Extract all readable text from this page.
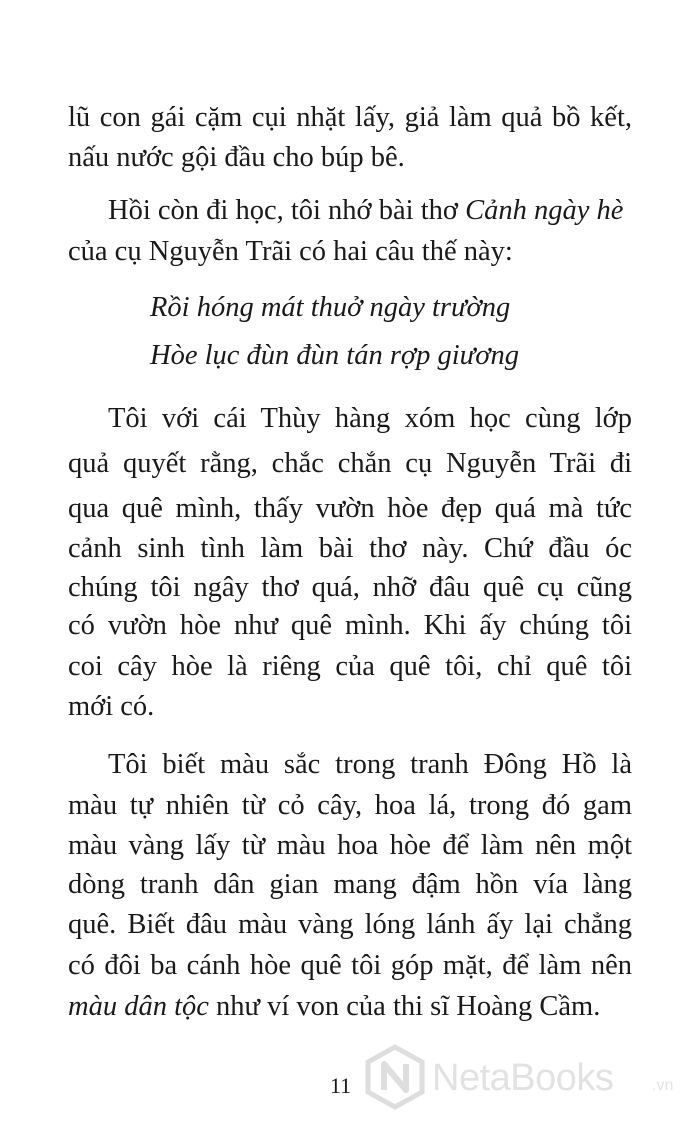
lũ con gái cặm cụi nhặt lấy, giả làm quả bồ kết,
nấu nước gội đầu cho búp bê.
Hồi còn đi học, tôi nhớ bài thơ Cảnh ngày hè
của cụ Nguyễn Trãi có hai câu thế này:
Rồi hóng mát thuở ngày trường
Hòe lục đùn đùn tán rợp giương
Tôi với cái Thùy hàng xóm học cùng lớp
quả quyết rằng, chắc chắn cụ Nguyễn Trãi đi
qua quê mình, thấy vườn hòe đẹp quá mà tức
cảnh sinh tình làm bài thơ này. Chứ đầu óc
chúng tôi ngây thơ quá, nhỡ đâu quê cụ cũng
có vườn hòe như quê mình. Khi ấy chúng tôi
coi cây hòe là riêng của quê tôi, chỉ quê tôi
mới có.
Tôi biết màu sắc trong tranh Đông Hồ là
màu tự nhiên từ cỏ cây, hoa lá, trong đó gam
màu vàng lấy từ màu hoa hòe để làm nên một
dòng tranh dân gian mang đậm hồn vía làng
quê. Biết đâu màu vàng lóng lánh ấy lại chẳng
có đôi ba cánh hòe quê tôi góp mặt, để làm nên
màu dân tộc như ví von của thi sĩ Hoàng Cầm.
11 NetaBooks .vn
